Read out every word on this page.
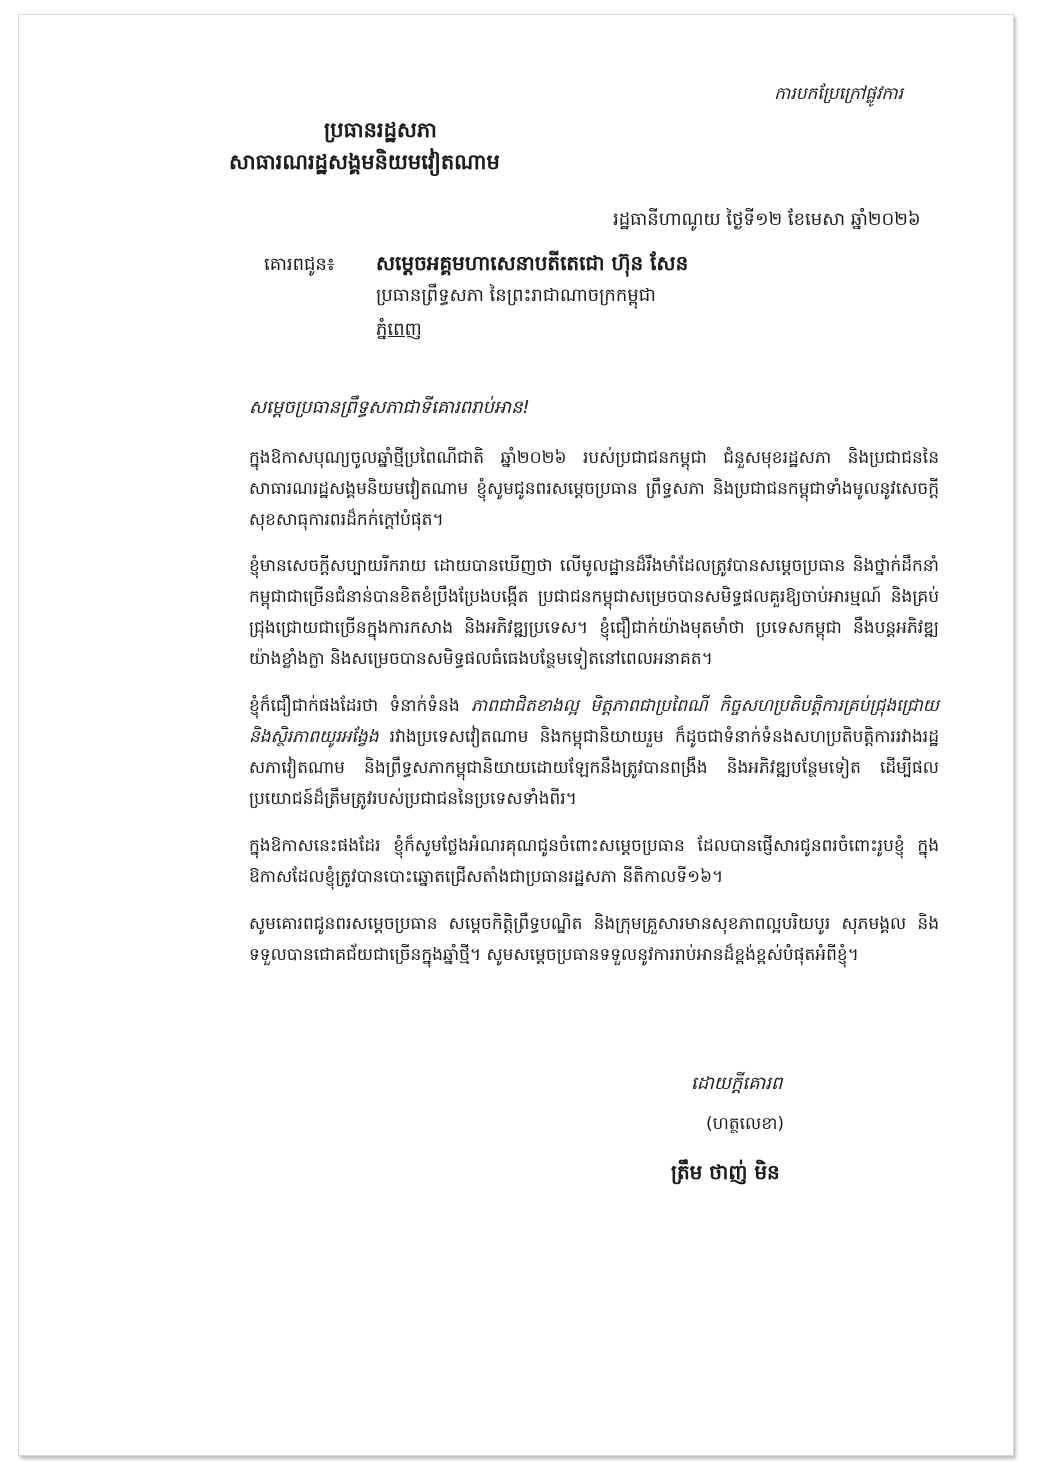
ការបកប្រែក្រៅផ្លូវការ
ប្រធានរដ្ឋសភា
សាធារណរដ្ឋសង្គមនិយមវៀតណាម
រដ្ឋធានីហាណូយ ថ្ងៃទី១២ ខែមេសា ឆ្នាំ២០២៦
គោរពជូន៖ សម្ដេចអគ្គមហាសេនាបតីតេជោ ហ៊ុន សែន
ប្រធានព្រឹទ្ធសភា នៃព្រះរាជាណាចក្រកម្ពុជា
ភ្នំពេញ
សម្ដេចប្រធានព្រឹទ្ធសភាជាទីគោរពរាប់អាន!

ក្នុងឱកាសបុណ្យចូលឆ្នាំថ្មីប្រពៃណីជាតិ ឆ្នាំ២០២៦ របស់ប្រជាជនកម្ពុជា ជំនួសមុខរដ្ឋសភា និងប្រជាជននៃសាធារណរដ្ឋសង្គមនិយមវៀតណាម ខ្ញុំសូមជូនពរសម្ដេចប្រធាន ព្រឹទ្ធសភា និងប្រជាជនកម្ពុជាទាំងមូលនូវសេចក្ដីសុខសាធុការពរដ៏កក់ក្ដៅបំផុត។

ខ្ញុំមានសេចក្ដីសប្បាយរីករាយ ដោយបានឃើញថា លើមូលដ្ឋានដ៏រឹងមាំដែលត្រូវបានសម្ដេចប្រធាន និងថ្នាក់ដឹកនាំកម្ពុជាជាច្រើនជំនាន់បានខិតខំប្រឹងប្រែងបង្កើត ប្រជាជនកម្ពុជាសម្រេចបានសមិទ្ធផលគួរឱ្យចាប់អារម្មណ៍ និងគ្រប់ជ្រុងជ្រោយជាច្រើនក្នុងការកសាង និងអភិវឌ្ឍប្រទេស។ ខ្ញុំជឿជាក់យ៉ាងមុតមាំថា ប្រទេសកម្ពុជា នឹងបន្តអភិវឌ្ឍយ៉ាងខ្លាំងក្លា និងសម្រេចបានសមិទ្ធផលធំធេងបន្ថែមទៀតនៅពេលអនាគត។

ខ្ញុំក៏ជឿជាក់ផងដែរថា ទំនាក់ទំនង ភាពជាជិតខាងល្អ មិត្តភាពជាប្រពៃណី កិច្ចសហប្រតិបត្តិការគ្រប់ជ្រុងជ្រោយ និងស្ថិរភាពយូរអង្វែង រវាងប្រទេសវៀតណាម និងកម្ពុជានិយាយរួម ក៏ដូចជាទំនាក់ទំនងសហប្រតិបត្តិការរវាងរដ្ឋសភាវៀតណាម និងព្រឹទ្ធសភាកម្ពុជានិយាយដោយឡែកនឹងត្រូវបានពង្រឹង និងអភិវឌ្ឍបន្ថែមទៀត ដើម្បីផលប្រយោជន៍ដ៏ត្រឹមត្រូវរបស់ប្រជាជននៃប្រទេសទាំងពីរ។

ក្នុងឱកាសនេះផងដែរ ខ្ញុំក៏សូមថ្លែងអំណរគុណជូនចំពោះសម្ដេចប្រធាន ដែលបានផ្ញើសារជូនពរចំពោះរូបខ្ញុំ ក្នុងឱកាសដែលខ្ញុំត្រូវបានបោះឆ្នោតជ្រើសតាំងជាប្រធានរដ្ឋសភា នីតិកាលទី១៦។

សូមគោរពជូនពរសម្ដេចប្រធាន សម្ដេចកិត្តិព្រឹទ្ធបណ្ឌិត និងក្រុមគ្រួសារមានសុខភាពល្អបរិយបូរ សុភមង្គល និងទទួលបានជោគជ័យជាច្រើនក្នុងឆ្នាំថ្មី។ សូមសម្ដេចប្រធានទទួលនូវការរាប់អានដ៏ខ្ពង់ខ្ពស់បំផុតអំពីខ្ញុំ។

ដោយក្ដីគោរព
(ហត្ថលេខា)
ត្រឹម ថាញ់ មិន
